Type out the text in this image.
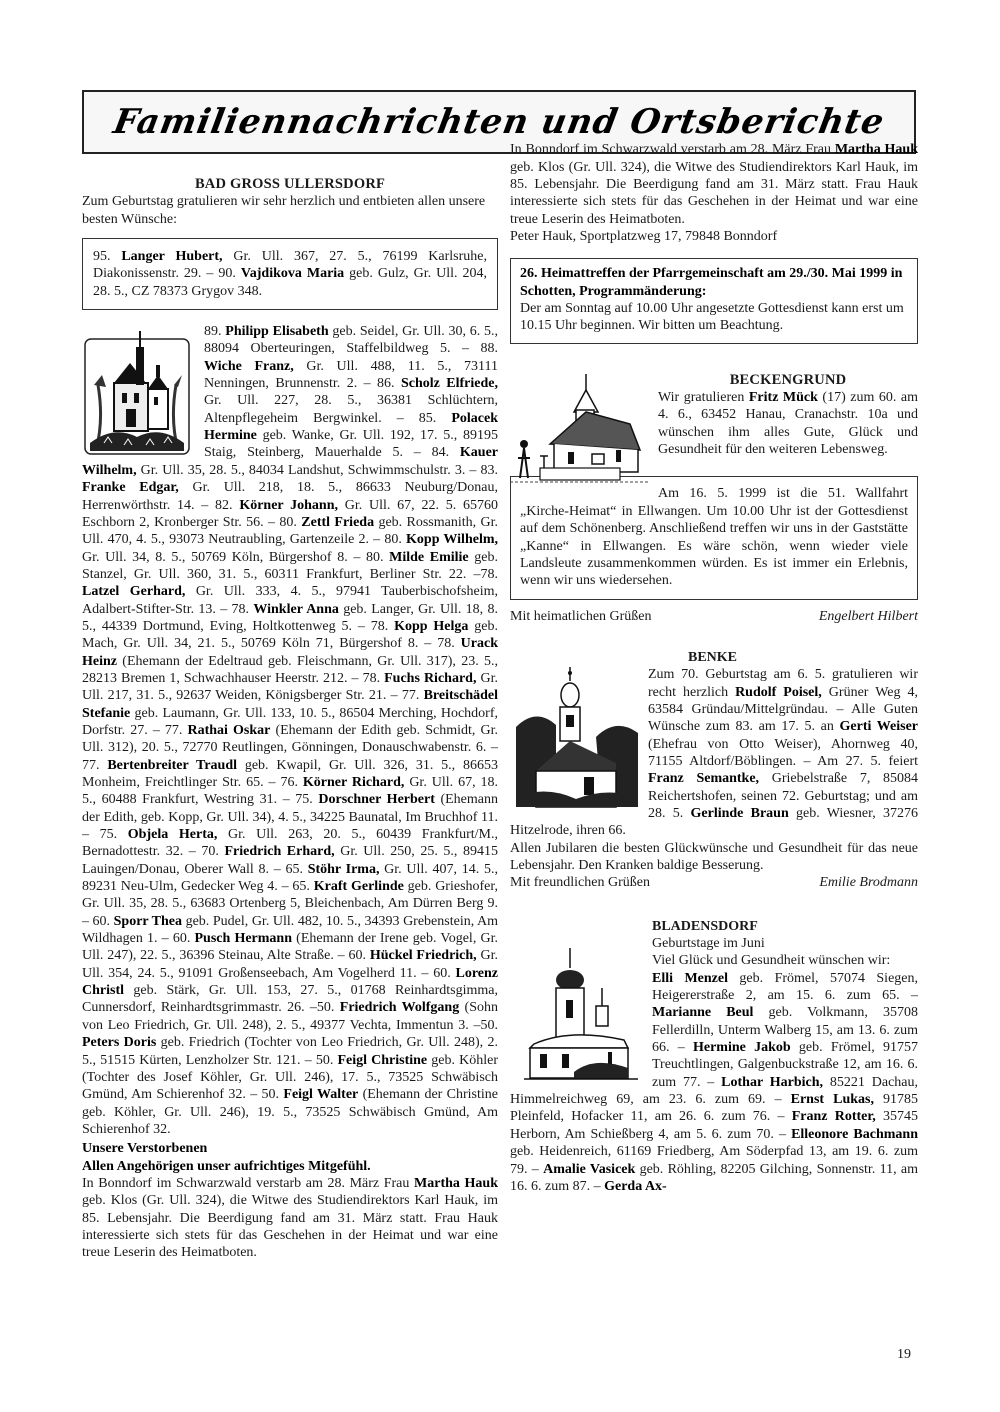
Familiennachrichten und Ortsberichte

BAD GROSS ULLERSDORF

Zum Geburtstag gratulieren wir sehr herzlich und entbieten allen unsere besten Wünsche:

95. Langer Hubert, Gr. Ull. 367, 27. 5., 76199 Karlsruhe, Diakonissenstr. 29. – 90. Vajdikova Maria geb. Gulz, Gr. Ull. 204, 28. 5., CZ 78373 Grygov 348.

89. Philipp Elisabeth geb. Seidel, Gr. Ull. 30, 6. 5., 88094 Oberteuringen, Staffelbildweg 5. – 88. Wiche Franz, Gr. Ull. 488, 11. 5., 73111 Nenningen, Brunnenstr. 2. – 86. Scholz Elfriede, Gr. Ull. 227, 28. 5., 36381 Schlüchtern, Altenpflegeheim Bergwinkel. – 85. Polacek Hermine geb. Wanke, Gr. Ull. 192, 17. 5., 89195 Staig, Steinberg, Mauerhalde 5. – 84. Kauer Wilhelm, Gr. Ull. 35, 28. 5., 84034 Landshut, Schwimmschulstr. 3. – 83. Franke Edgar, Gr. Ull. 218, 18. 5., 86633 Neuburg/Donau, Herrenwörthstr. 14. – 82. Körner Johann, Gr. Ull. 67, 22. 5. 65760 Eschborn 2, Kronberger Str. 56. – 80. Zettl Frieda geb. Rossmanith, Gr. Ull. 470, 4. 5., 93073 Neutraubling, Gartenzeile 2. – 80. Kopp Wilhelm, Gr. Ull. 34, 8. 5., 50769 Köln, Bürgershof 8. – 80. Milde Emilie geb. Stanzel, Gr. Ull. 360, 31. 5., 60311 Frankfurt, Berliner Str. 22. –78. Latzel Gerhard, Gr. Ull. 333, 4. 5., 97941 Tauberbischofsheim, Adalbert-Stifter-Str. 13. – 78. Winkler Anna geb. Langer, Gr. Ull. 18, 8. 5., 44339 Dortmund, Eving, Holtkottenweg 5. – 78. Kopp Helga geb. Mach, Gr. Ull. 34, 21. 5., 50769 Köln 71, Bürgershof 8. – 78. Urack Heinz (Ehemann der Edeltraud geb. Fleischmann, Gr. Ull. 317), 23. 5., 28213 Bremen 1, Schwachhauser Heerstr. 212. – 78. Fuchs Richard, Gr. Ull. 217, 31. 5., 92637 Weiden, Königsberger Str. 21. – 77. Breitschädel Stefanie geb. Laumann, Gr. Ull. 133, 10. 5., 86504 Merching, Hochdorf, Dorfstr. 27. – 77. Rathai Oskar (Ehemann der Edith geb. Schmidt, Gr. Ull. 312), 20. 5., 72770 Reutlingen, Gönningen, Donauschwabenstr. 6. – 77. Bertenbreiter Traudl geb. Kwapil, Gr. Ull. 326, 31. 5., 86653 Monheim, Freichtlinger Str. 65. – 76. Körner Richard, Gr. Ull. 67, 18. 5., 60488 Frankfurt, Westring 31. – 75. Dorschner Herbert (Ehemann der Edith, geb. Kopp, Gr. Ull. 34), 4. 5., 34225 Baunatal, Im Bruchhof 11. – 75. Objela Herta, Gr. Ull. 263, 20. 5., 60439 Frankfurt/M., Bernadottestr. 32. – 70. Friedrich Erhard, Gr. Ull. 250, 25. 5., 89415 Lauingen/Donau, Oberer Wall 8. – 65. Stöhr Irma, Gr. Ull. 407, 14. 5., 89231 Neu-Ulm, Gedecker Weg 4. – 65. Kraft Gerlinde geb. Grieshofer, Gr. Ull. 35, 28. 5., 63683 Ortenberg 5, Bleichenbach, Am Dürren Berg 9. – 60. Sporr Thea geb. Pudel, Gr. Ull. 482, 10. 5., 34393 Grebenstein, Am Wildhagen 1. – 60. Pusch Hermann (Ehemann der Irene geb. Vogel, Gr. Ull. 247), 22. 5., 36396 Steinau, Alte Straße. – 60. Hückel Friedrich, Gr. Ull. 354, 24. 5., 91091 Großenseebach, Am Vogelherd 11. – 60. Lorenz Christl geb. Stärk, Gr. Ull. 153, 27. 5., 01768 Reinhardtsgimma, Cunnersdorf, Reinhardtsgrimmastr. 26. –50. Friedrich Wolfgang (Sohn von Leo Friedrich, Gr. Ull. 248), 2. 5., 49377 Vechta, Immentun 3. –50. Peters Doris geb. Friedrich (Tochter von Leo Friedrich, Gr. Ull. 248), 2. 5., 51515 Kürten, Lenzholzer Str. 121. – 50. Feigl Christine geb. Köhler (Tochter des Josef Köhler, Gr. Ull. 246), 17. 5., 73525 Schwäbisch Gmünd, Am Schierenhof 32. – 50. Feigl Walter (Ehemann der Christine geb. Köhler, Gr. Ull. 246), 19. 5., 73525 Schwäbisch Gmünd, Am Schierenhof 32.

Unsere Verstorbenen

Allen Angehörigen unser aufrichtiges Mitgefühl.

In Bonndorf im Schwarzwald verstarb am 28. März Frau Martha Hauk geb. Klos (Gr. Ull. 324), die Witwe des Studiendirektors Karl Hauk, im 85. Lebensjahr. Die Beerdigung fand am 31. März statt. Frau Hauk interessierte sich stets für das Geschehen in der Heimat und war eine treue Leserin des Heimatboten.

In Bonndorf im Schwarzwald verstarb am 28. März Frau Martha Hauk geb. Klos (Gr. Ull. 324), die Witwe des Studiendirektors Karl Hauk, im 85. Lebensjahr. Die Beerdigung fand am 31. März statt. Frau Hauk interessierte sich stets für das Geschehen in der Heimat und war eine treue Leserin des Heimatboten.

Peter Hauk, Sportplatzweg 17, 79848 Bonndorf

26. Heimattreffen der Pfarrgemeinschaft am 29./30. Mai 1999 in Schotten, Programmänderung:

Der am Sonntag auf 10.00 Uhr angesetzte Gottesdienst kann erst um 10.15 Uhr beginnen. Wir bitten um Beachtung.

BECKENGRUND

Wir gratulieren Fritz Mück (17) zum 60. am 4. 6., 63452 Hanau, Cranachstr. 10a und wünschen ihm alles Gute, Glück und Gesundheit für den weiteren Lebensweg.

Am 16. 5. 1999 ist die 51. Wallfahrt „Kirche-Heimat“ in Ellwangen. Um 10.00 Uhr ist der Gottesdienst auf dem Schönenberg. Anschließend treffen wir uns in der Gaststätte „Kanne“ in Ellwangen. Es wäre schön, wenn wieder viele Landsleute zusammenkommen würden. Es ist immer ein Erlebnis, wenn wir uns wiedersehen.

Mit heimatlichen Grüßen	Engelbert Hilbert

BENKE

Zum 70. Geburtstag am 6. 5. gratulieren wir recht herzlich Rudolf Poisel, Grüner Weg 4, 63584 Gründau/Mittelgründau. – Alle Guten Wünsche zum 83. am 17. 5. an Gerti Weiser (Ehefrau von Otto Weiser), Ahornweg 40, 71155 Altdorf/Böblingen. – Am 27. 5. feiert Franz Semantke, Griebelstraße 7, 85084 Reichertshofen, seinen 72. Geburtstag; und am 28. 5. Gerlinde Braun geb. Wiesner, 37276 Hitzelrode, ihren 66.

Allen Jubilaren die besten Glückwünsche und Gesundheit für das neue Lebensjahr. Den Kranken baldige Besserung.

Mit freundlichen Grüßen	Emilie Brodmann

BLADENSDORF

Geburtstage im Juni

Viel Glück und Gesundheit wünschen wir:

Elli Menzel geb. Frömel, 57074 Siegen, Heigererstraße 2, am 15. 6. zum 65. – Marianne Beul geb. Volkmann, 35708 Fellerdilln, Unterm Walberg 15, am 13. 6. zum 66. – Hermine Jakob geb. Frömel, 91757 Treuchtlingen, Galgenbuckstraße 12, am 16. 6. zum 77. – Lothar Harbich, 85221 Dachau, Himmelreichweg 69, am 23. 6. zum 69. – Ernst Lukas, 91785 Pleinfeld, Hofacker 11, am 26. 6. zum 76. – Franz Rotter, 35745 Herborn, Am Schießberg 4, am 5. 6. zum 70. – Elleonore Bachmann geb. Heidenreich, 61169 Friedberg, Am Söderpfad 13, am 19. 6. zum 79. – Amalie Vasicek geb. Röhling, 82205 Gilching, Sonnenstr. 11, am 16. 6. zum 87. – Gerda Ax-

19
